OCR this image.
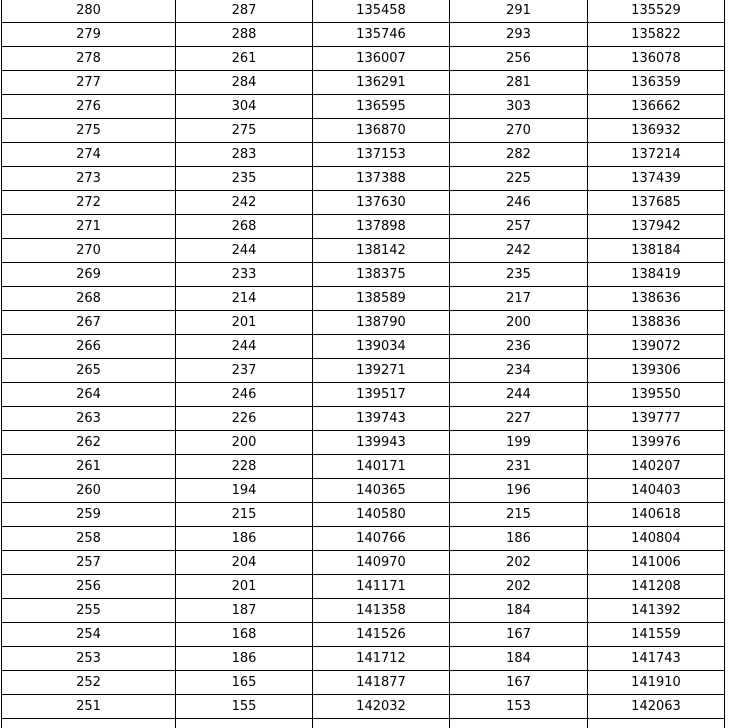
280	287	135458	291	135529
279	288	135746	293	135822
278	261	136007	256	136078
277	284	136291	281	136359
276	304	136595	303	136662
275	275	136870	270	136932
274	283	137153	282	137214
273	235	137388	225	137439
272	242	137630	246	137685
271	268	137898	257	137942
270	244	138142	242	138184
269	233	138375	235	138419
268	214	138589	217	138636
267	201	138790	200	138836
266	244	139034	236	139072
265	237	139271	234	139306
264	246	139517	244	139550
263	226	139743	227	139777
262	200	139943	199	139976
261	228	140171	231	140207
260	194	140365	196	140403
259	215	140580	215	140618
258	186	140766	186	140804
257	204	140970	202	141006
256	201	141171	202	141208
255	187	141358	184	141392
254	168	141526	167	141559
253	186	141712	184	141743
252	165	141877	167	141910
251	155	142032	153	142063
